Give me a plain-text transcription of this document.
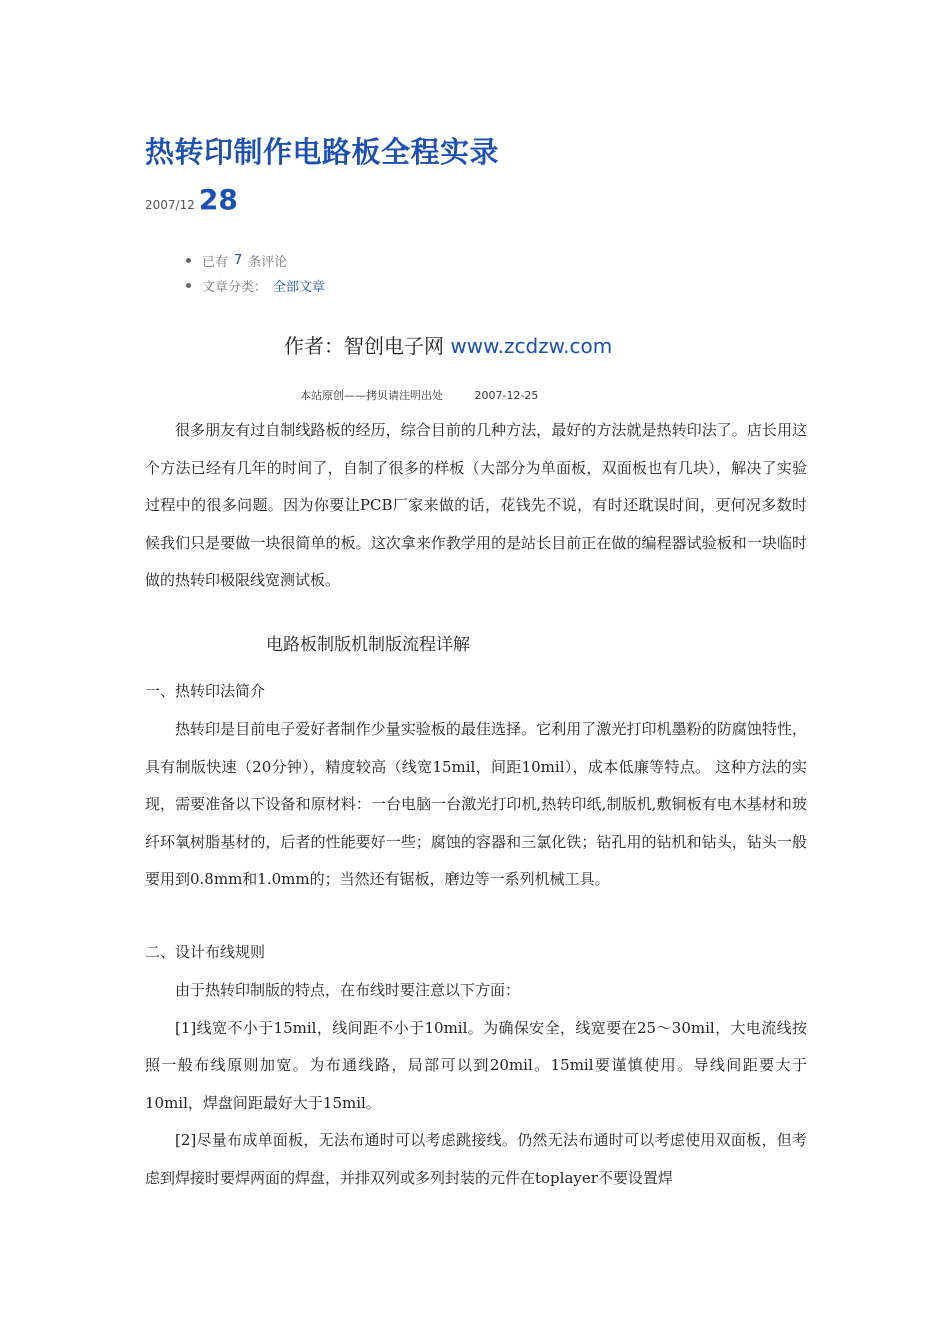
热转印制作电路板全程实录
2007/12 28
已有 7 条评论
文章分类： 全部文章
作者：智创电子网 www.zcdzw.com
本站原创——拷贝请注明出处	2007-12-25

很多朋友有过自制线路板的经历，综合目前的几种方法，最好的方法就是热转印法了。店长用这个方法已经有几年的时间了，自制了很多的样板（大部分为单面板，双面板也有几块），解决了实验过程中的很多问题。因为你要让PCB厂家来做的话，花钱先不说，有时还耽误时间，更何况多数时候我们只是要做一块很简单的板。这次拿来作教学用的是站长目前正在做的编程器试验板和一块临时做的热转印极限线宽测试板。

电路板制版机制版流程详解
一、热转印法简介

热转印是目前电子爱好者制作少量实验板的最佳选择。它利用了激光打印机墨粉的防腐蚀特性，具有制版快速（20分钟），精度较高（线宽15mil，间距10mil），成本低廉等特点。 这种方法的实现，需要准备以下设备和原材料：一台电脑一台激光打印机,热转印纸,制版机,敷铜板有电木基材和玻纤环氧树脂基材的，后者的性能要好一些；腐蚀的容器和三氯化铁；钻孔用的钻机和钻头，钻头一般要用到0.8mm和1.0mm的；当然还有锯板，磨边等一系列机械工具。

二、设计布线规则

由于热转印制版的特点，在布线时要注意以下方面：

[1]线宽不小于15mil，线间距不小于10mil。为确保安全，线宽要在25～30mil，大电流线按照一般布线原则加宽。为布通线路，局部可以到20mil。15mil要谨慎使用。导线间距要大于10mil，焊盘间距最好大于15mil。

[2]尽量布成单面板，无法布通时可以考虑跳接线。仍然无法布通时可以考虑使用双面板，但考虑到焊接时要焊两面的焊盘，并排双列或多列封装的元件在toplayer不要设置焊
